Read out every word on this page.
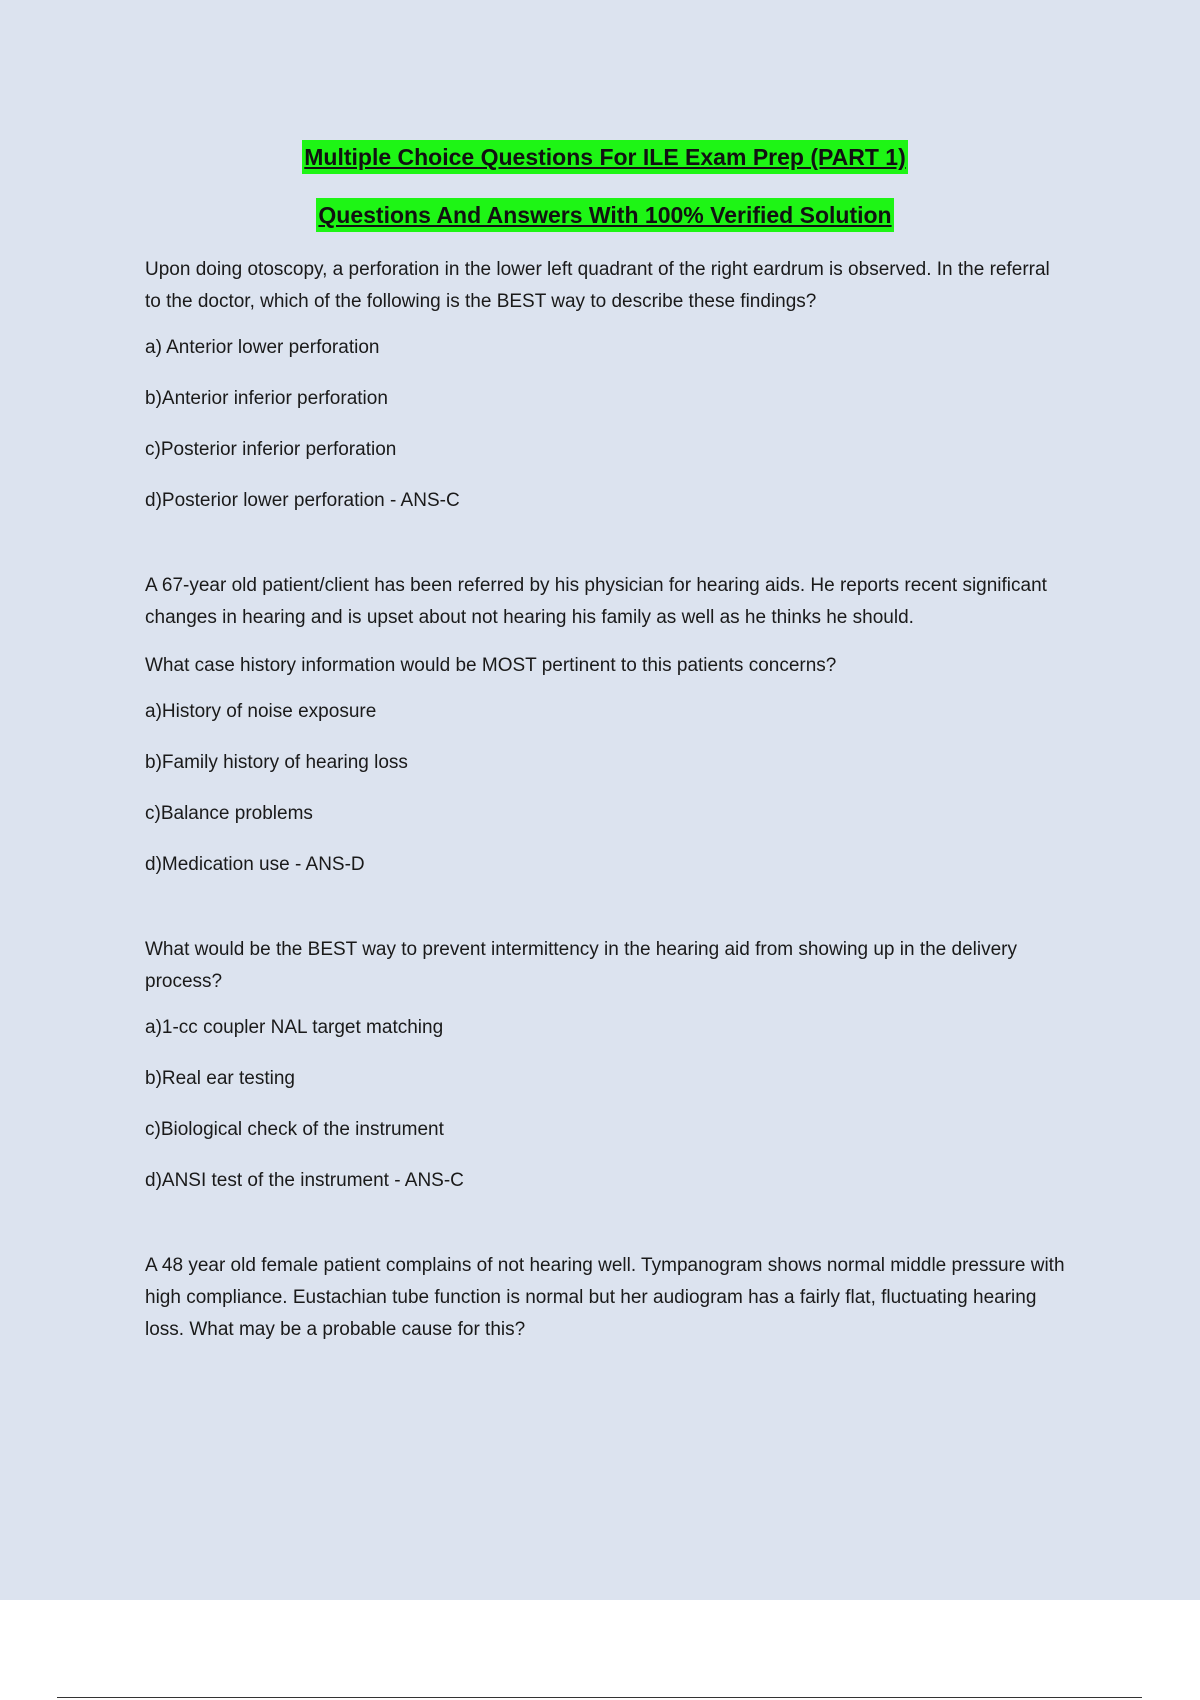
Multiple Choice Questions For ILE Exam Prep (PART 1)
Questions And Answers With 100% Verified Solution

Upon doing otoscopy, a perforation in the lower left quadrant of the right eardrum is observed. In the referral to the doctor, which of the following is the BEST way to describe these findings?

a) Anterior lower perforation

b)Anterior inferior perforation

c)Posterior inferior perforation

d)Posterior lower perforation - ANS-C

A 67-year old patient/client has been referred by his physician for hearing aids. He reports recent significant changes in hearing and is upset about not hearing his family as well as he thinks he should.

What case history information would be MOST pertinent to this patients concerns?

a)History of noise exposure

b)Family history of hearing loss

c)Balance problems

d)Medication use - ANS-D

What would be the BEST way to prevent intermittency in the hearing aid from showing up in the delivery process?

a)1-cc coupler NAL target matching

b)Real ear testing

c)Biological check of the instrument

d)ANSI test of the instrument - ANS-C

A 48 year old female patient complains of not hearing well. Tympanogram shows normal middle pressure with high compliance. Eustachian tube function is normal but her audiogram has a fairly flat, fluctuating hearing loss. What may be a probable cause for this?
